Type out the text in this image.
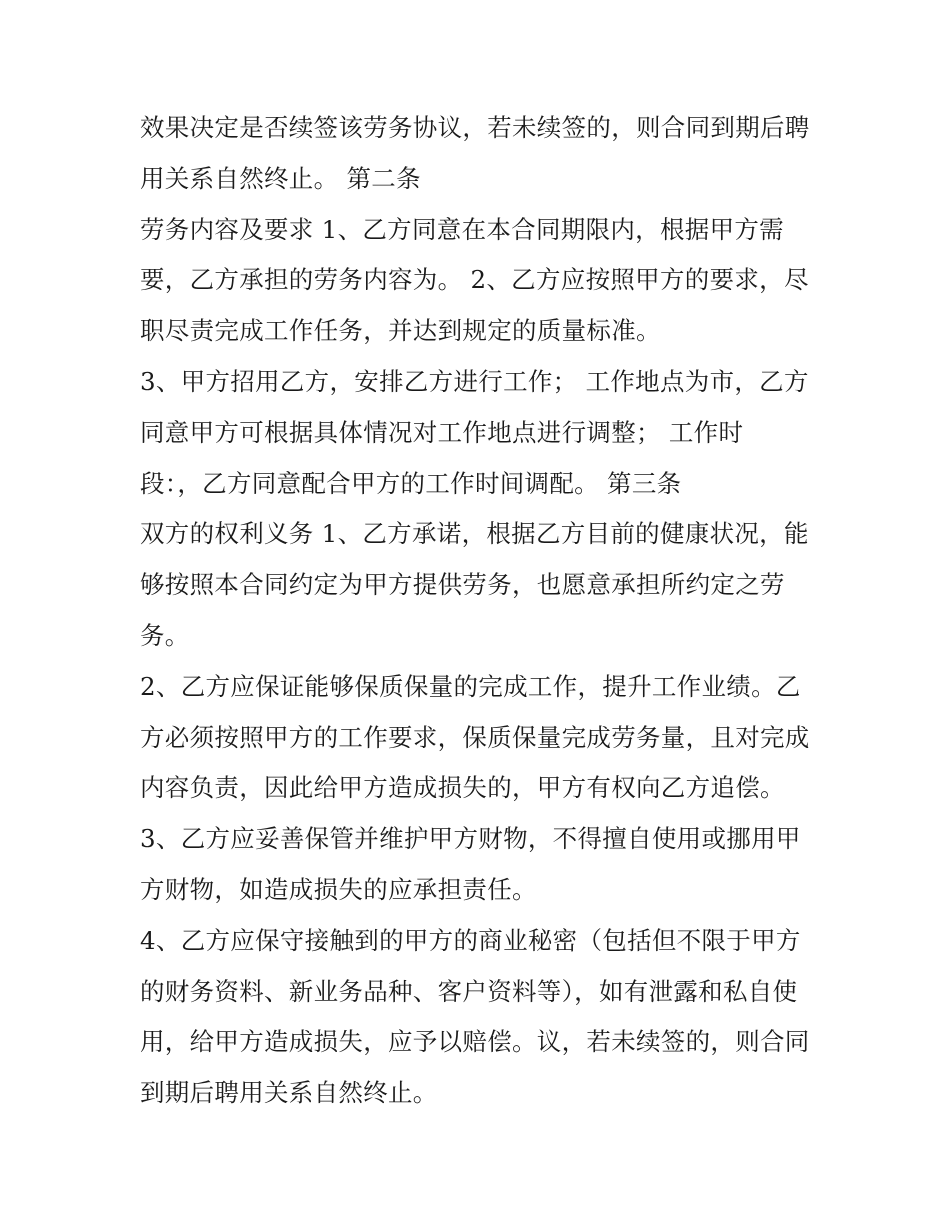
效果决定是否续签该劳务协议，若未续签的，则合同到期后聘
用关系自然终止。 第二条
劳务内容及要求 1、乙方同意在本合同期限内，根据甲方需
要，乙方承担的劳务内容为。 2、乙方应按照甲方的要求，尽
职尽责完成工作任务，并达到规定的质量标准。
3、甲方招用乙方，安排乙方进行工作； 工作地点为市，乙方
同意甲方可根据具体情况对工作地点进行调整； 工作时
段：，乙方同意配合甲方的工作时间调配。 第三条
双方的权利义务 1、乙方承诺，根据乙方目前的健康状况，能
够按照本合同约定为甲方提供劳务，也愿意承担所约定之劳
务。
2、乙方应保证能够保质保量的完成工作，提升工作业绩。乙
方必须按照甲方的工作要求，保质保量完成劳务量，且对完成
内容负责，因此给甲方造成损失的，甲方有权向乙方追偿。
3、乙方应妥善保管并维护甲方财物，不得擅自使用或挪用甲
方财物，如造成损失的应承担责任。
4、乙方应保守接触到的甲方的商业秘密（包括但不限于甲方
的财务资料、新业务品种、客户资料等），如有泄露和私自使
用，给甲方造成损失，应予以赔偿。议，若未续签的，则合同
到期后聘用关系自然终止。
